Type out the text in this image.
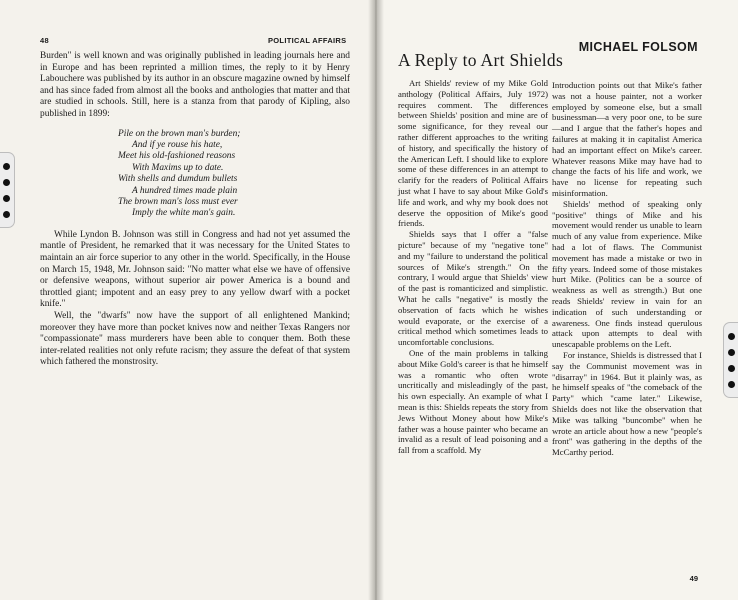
48	POLITICAL AFFAIRS

Burden" is well known and was originally published in leading journals here and in Europe and has been reprinted a million times, the reply to it by Henry Labouchere was published by its author in an obscure magazine owned by himself and has since faded from almost all the books and anthologies that matter and that are studied in schools. Still, here is a stanza from that parody of Kipling, also published in 1899:

Pile on the brown man's burden;
And if ye rouse his hate,
Meet his old-fashioned reasons
With Maxims up to date.
With shells and dumdum bullets
A hundred times made plain
The brown man's loss must ever
Imply the white man's gain.

While Lyndon B. Johnson was still in Congress and had not yet assumed the mantle of President, he remarked that it was necessary for the United States to maintain an air force superior to any other in the world. Specifically, in the House on March 15, 1948, Mr. Johnson said: "No matter what else we have of offensive or defensive weapons, without superior air power America is a bound and throttled giant; impotent and an easy prey to any yellow dwarf with a pocket knife."

Well, the "dwarfs" now have the support of all enlightened Mankind; moreover they have more than pocket knives now and neither Texas Rangers nor "compassionate" mass murderers have been able to conquer them. Both these inter-related realities not only refute racism; they assure the defeat of that system which fathered the monstrosity.

MICHAEL FOLSOM
A Reply to Art Shields

Art Shields' review of my Mike Gold anthology (Political Affairs, July 1972) requires comment. The differences between Shields' position and mine are of some significance, for they reveal our rather different approaches to the writing of history, and specifically the history of the American Left. I should like to explore some of these differences in an attempt to clarify for the readers of Political Affairs just what I have to say about Mike Gold's life and work, and why my book does not deserve the opposition of Mike's good friends.

Shields says that I offer a "false picture" because of my "negative tone" and my "failure to understand the political sources of Mike's strength." On the contrary, I would argue that Shields' view of the past is romanticized and simplistic. What he calls "negative" is mostly the observation of facts which he wishes would evaporate, or the exercise of a critical method which sometimes leads to uncomfortable conclusions.

One of the main problems in talking about Mike Gold's career is that he himself was a romantic who often wrote uncritically and misleadingly of the past, his own especially. An example of what I mean is this: Shields repeats the story from Jews Without Money about how Mike's father was a house painter who became an invalid as a result of lead poisoning and a fall from a scaffold. My

Introduction points out that Mike's father was not a house painter, not a worker employed by someone else, but a small businessman—a very poor one, to be sure—and I argue that the father's hopes and failures at making it in capitalist America had an important effect on Mike's career. Whatever reasons Mike may have had to change the facts of his life and work, we have no license for repeating such misinformation.

Shields' method of speaking only "positive" things of Mike and his movement would render us unable to learn much of any value from experience. Mike had a lot of flaws. The Communist movement has made a mistake or two in fifty years. Indeed some of those mistakes hurt Mike. (Politics can be a source of weakness as well as strength.) But one reads Shields' review in vain for an indication of such understanding or awareness. One finds instead querulous attack upon attempts to deal with unescapable problems on the Left.

For instance, Shields is distressed that I say the Communist movement was in "disarray" in 1964. But it plainly was, as he himself speaks of "the comeback of the Party" which "came later." Likewise, Shields does not like the observation that Mike was talking "buncombe" when he wrote an article about how a new "people's front" was gathering in the depths of the McCarthy period.

49
